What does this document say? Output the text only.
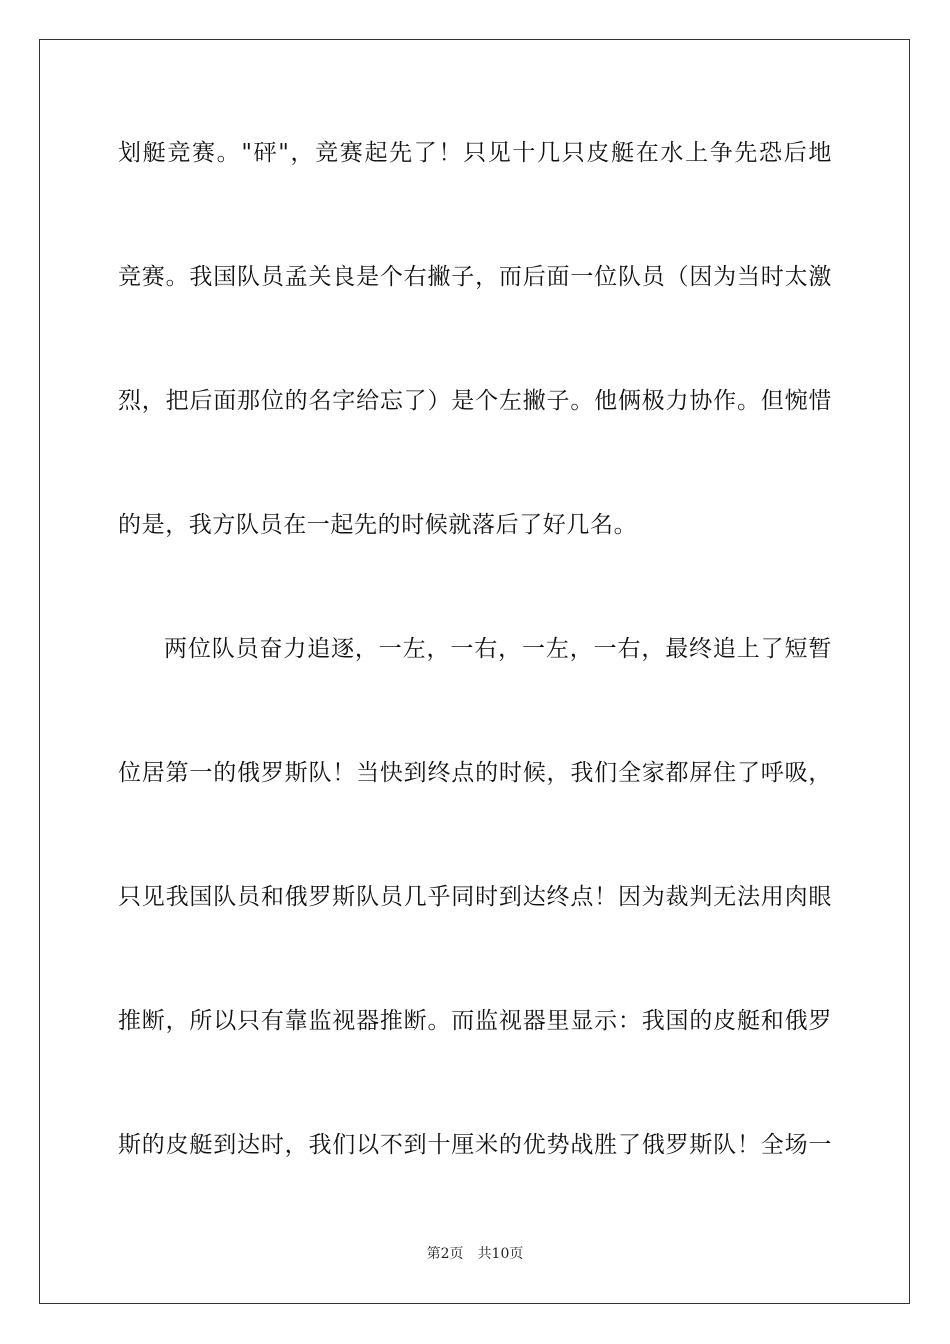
划艇竞赛。"砰"，竞赛起先了！只见十几只皮艇在水上争先恐后地
竞赛。我国队员孟关良是个右撇子，而后面一位队员（因为当时太激
烈，把后面那位的名字给忘了）是个左撇子。他俩极力协作。但惋惜
的是，我方队员在一起先的时候就落后了好几名。
两位队员奋力追逐，一左，一右，一左，一右，最终追上了短暂
位居第一的俄罗斯队！当快到终点的时候，我们全家都屏住了呼吸，
只见我国队员和俄罗斯队员几乎同时到达终点！因为裁判无法用肉眼
推断，所以只有靠监视器推断。而监视器里显示：我国的皮艇和俄罗
斯的皮艇到达时，我们以不到十厘米的优势战胜了俄罗斯队！全场一
第2页 共10页
